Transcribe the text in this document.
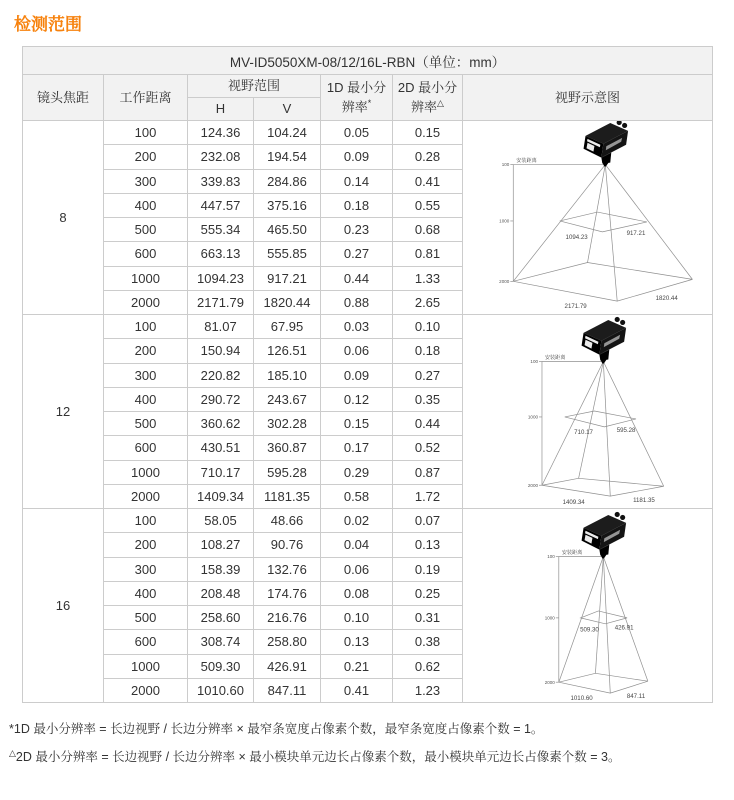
检测范围
MV-ID5050XM-08/12/16L-RBN（单位：mm）						
镜头焦距	工作距离	视野范围		1D 最小分辨率*	2D 最小分辨率△	视野示意图
		H	V			
8	100	124.36	104.24	0.05	0.15	
100
1000
2000
安装距离
1094.23
917.21
2171.79
1820.44

	200	232.08	194.54	0.09	0.28	
	300	339.83	284.86	0.14	0.41	
	400	447.57	375.16	0.18	0.55	
	500	555.34	465.50	0.23	0.68	
	600	663.13	555.85	0.27	0.81	
	1000	1094.23	917.21	0.44	1.33	
	2000	2171.79	1820.44	0.88	2.65	
12	100	81.07	67.95	0.03	0.10	
100
1000
2000
安装距离
710.17	595.28
1409.34	1181.35

	200	150.94	126.51	0.06	0.18	
	300	220.82	185.10	0.09	0.27	
	400	290.72	243.67	0.12	0.35	
	500	360.62	302.28	0.15	0.44	
	600	430.51	360.87	0.17	0.52	
	1000	710.17	595.28	0.29	0.87	
	2000	1409.34	1181.35	0.58	1.72	
16	100	58.05	48.66	0.02	0.07	
100
1000
2000
安装距离
509.30	426.91
1010.60	847.11

	200	108.27	90.76	0.04	0.13	
	300	158.39	132.76	0.06	0.19	
	400	208.48	174.76	0.08	0.25	
	500	258.60	216.76	0.10	0.31	
	600	308.74	258.80	0.13	0.38	
	1000	509.30	426.91	0.21	0.62	
	2000	1010.60	847.11	0.41	1.23	

*1D 最小分辨率 = 长边视野 / 长边分辨率 × 最窄条宽度占像素个数，最窄条宽度占像素个数 = 1。

△2D 最小分辨率 = 长边视野 / 长边分辨率 × 最小模块单元边长占像素个数，最小模块单元边长占像素个数 = 3。
